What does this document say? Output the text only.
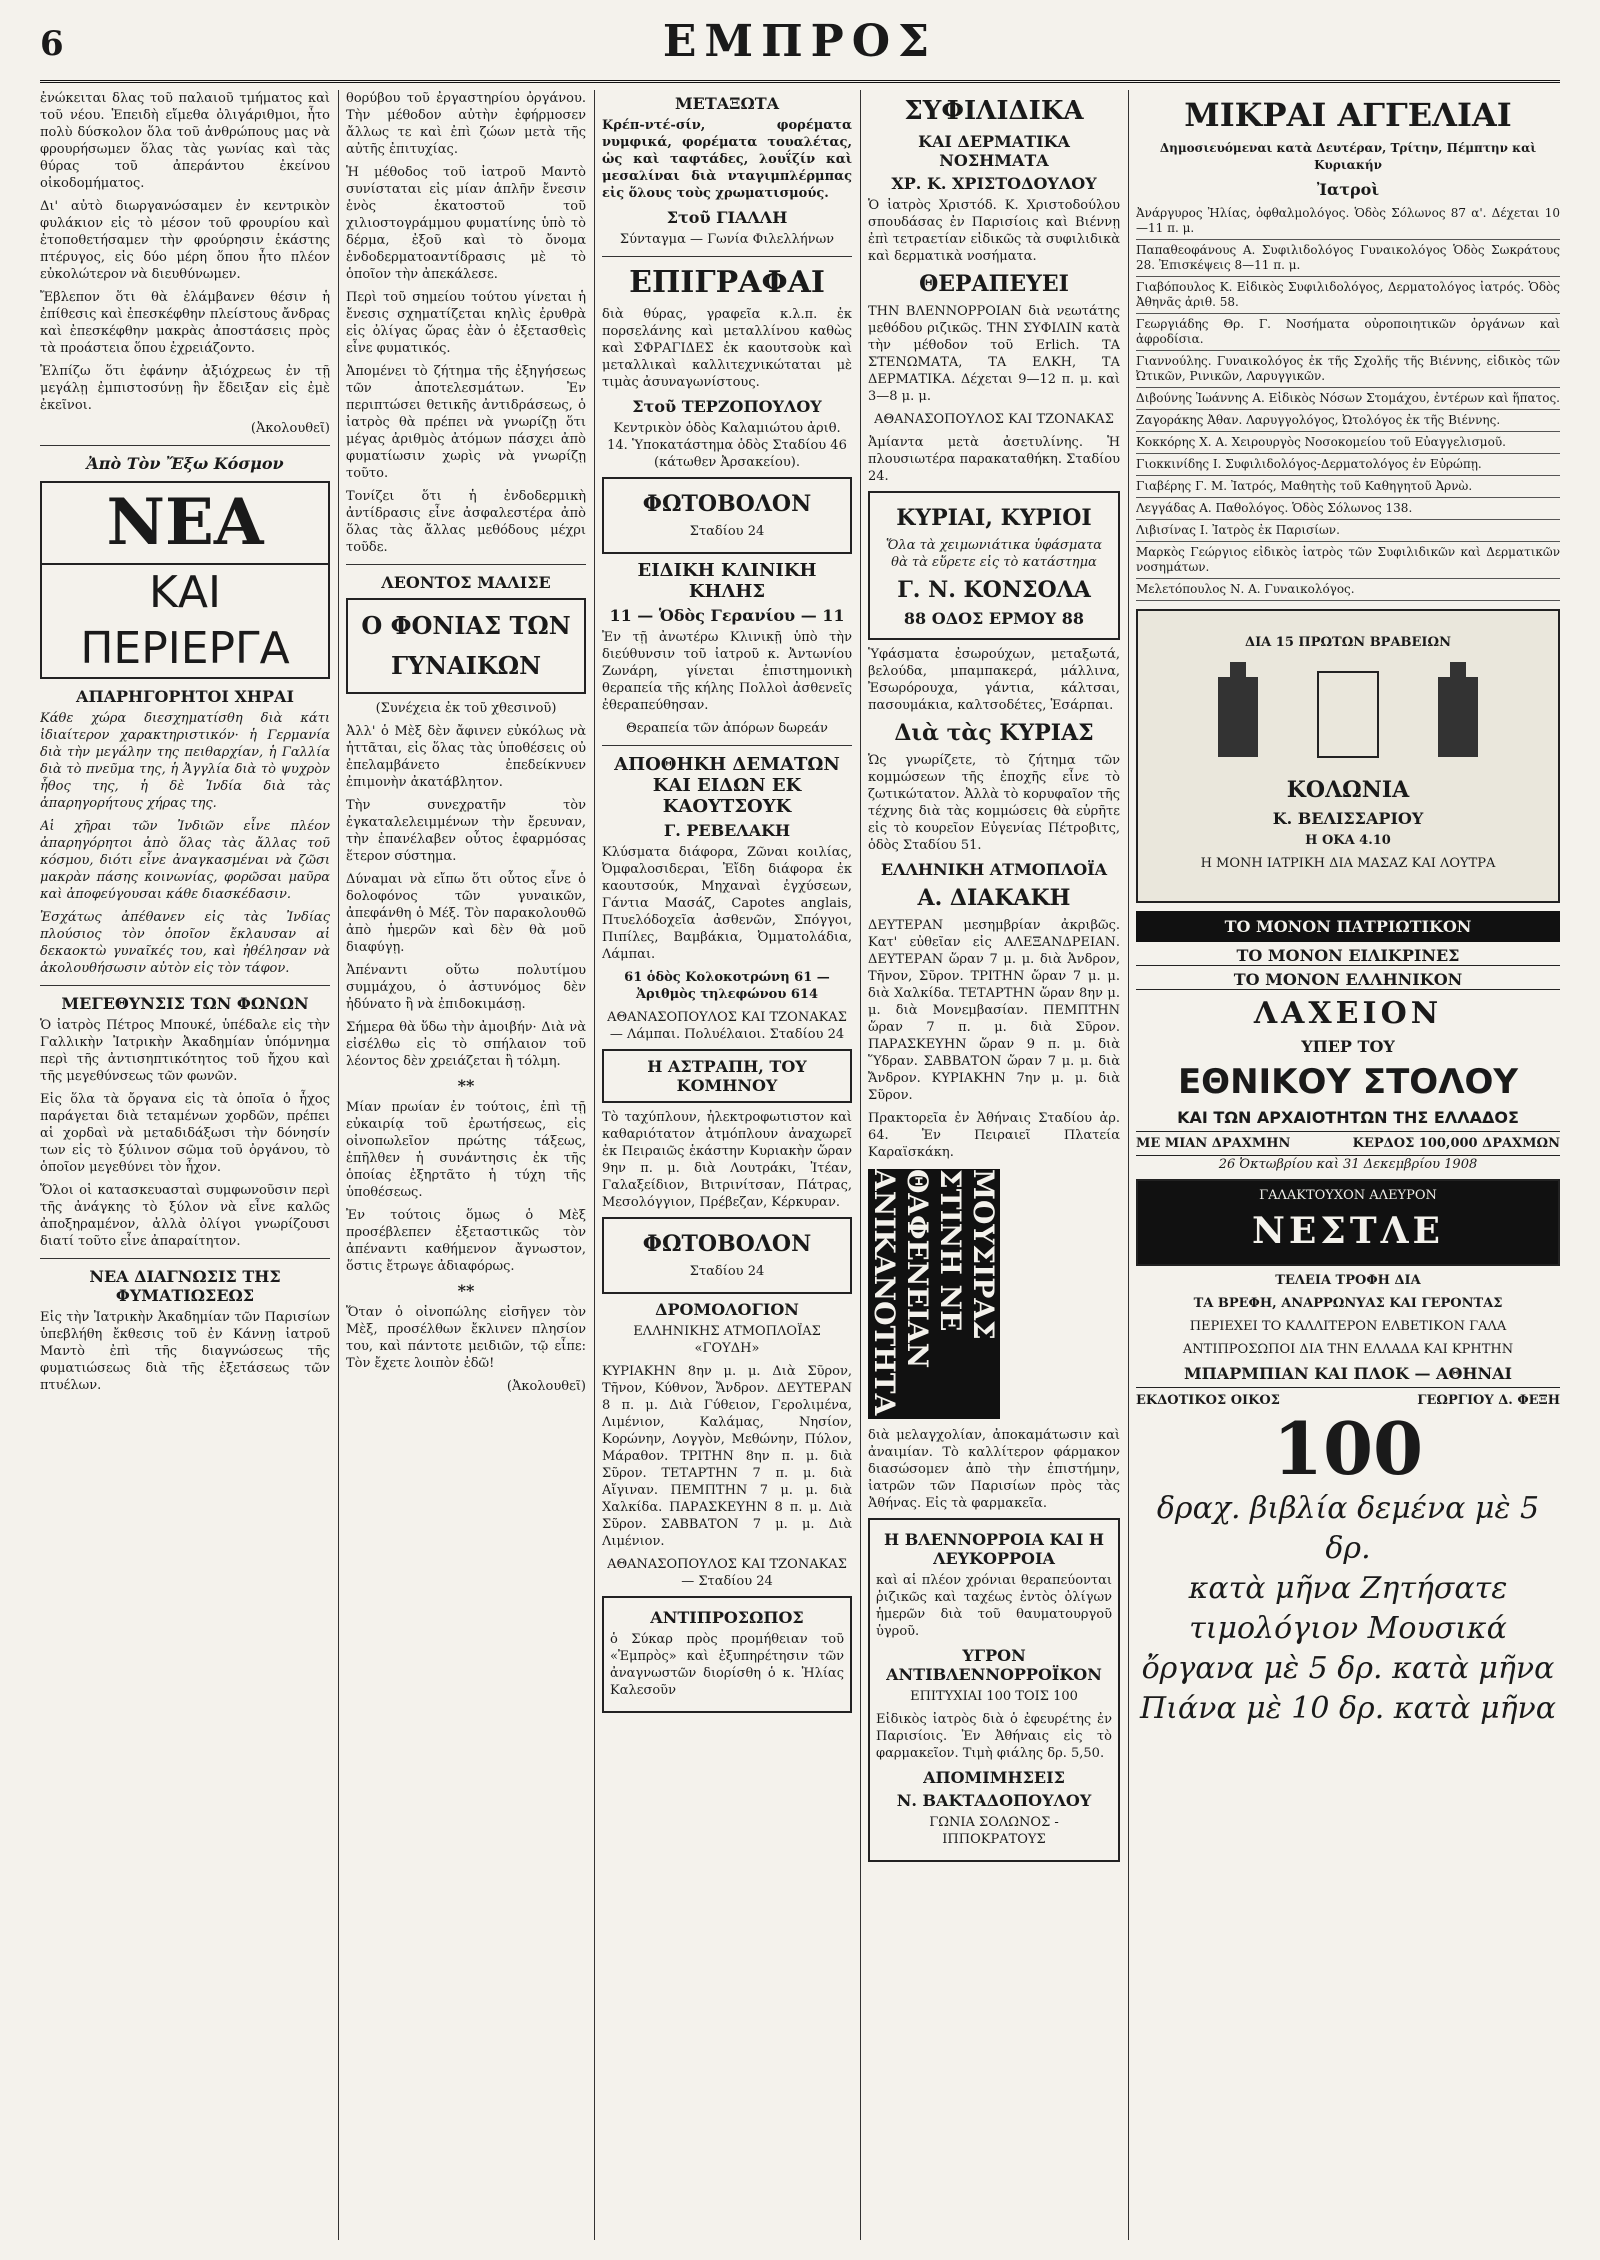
6	ΕΜΠΡΟΣ

ἐνώκειται δλας τοῦ παλαιοῦ τμήματος καὶ τοῦ νέου. Ἐπειδὴ εἴμεθα ὀλιγάριθμοι, ἦτο πολὺ δύσκολον ὅλα τοῦ ἀνθρώπους μας νὰ φρουρήσωμεν ὅλας τὰς γωνίας καὶ τὰς θύρας τοῦ ἀπεράντου ἐκείνου οἰκοδομήματος.

Δι' αὐτὸ διωργανώσαμεν ἐν κεντρικὸν φυλάκιον εἰς τὸ μέσον τοῦ φρουρίου καὶ ἐτοποθετήσαμεν τὴν φρούρησιν ἑκάστης πτέρυγος, εἰς δύο μέρη ὅπου ἦτο πλέον εὐκολώτερον νὰ διευθύνωμεν.

Ἔβλεπον ὅτι θὰ ἐλάμβανεν θέσιν ἡ ἐπίθεσις καὶ ἐπεσκέφθην πλείστους ἄνδρας καὶ ἐπεσκέφθην μακρὰς ἀποστάσεις πρὸς τὰ προάστεια ὅπου ἐχρειάζοντο.

Ἐλπίζω ὅτι ἐφάνην ἀξιόχρεως ἐν τῇ μεγάλῃ ἐμπιστοσύνῃ ἣν ἔδειξαν εἰς ἐμὲ ἐκεῖνοι.

(Ἀκολουθεῖ)

Ἀπὸ Τὸν Ἔξω Κόσμον
ΝΕΑ
ΚΑΙ ΠΕΡΙΕΡΓΑ
ΑΠΑΡΗΓΟΡΗΤΟΙ ΧΗΡΑΙ

Κάθε χώρα διεσχηματίσθη διὰ κάτι ἰδιαίτερον χαρακτηριστικόν· ἡ Γερμανία διὰ τὴν μεγάλην της πειθαρχίαν, ἡ Γαλλία διὰ τὸ πνεῦμα της, ἡ Ἀγγλία διὰ τὸ ψυχρὸν ἦθος της, ἡ δὲ Ἰνδία διὰ τὰς ἀπαρηγορήτους χήρας της.

Αἱ χῆραι τῶν Ἰνδιῶν εἶνε πλέον ἀπαρηγόρητοι ἀπὸ ὅλας τὰς ἄλλας τοῦ κόσμου, διότι εἶνε ἀναγκασμέναι νὰ ζῶσι μακρὰν πάσης κοινωνίας, φορῶσαι μαῦρα καὶ ἀποφεύγουσαι κάθε διασκέδασιν.

Ἐσχάτως ἀπέθανεν εἰς τὰς Ἰνδίας πλούσιος τὸν ὁποῖον ἔκλαυσαν αἱ δεκαοκτὼ γυναῖκές του, καὶ ἠθέλησαν νὰ ἀκολουθήσωσιν αὐτὸν εἰς τὸν τάφον.

ΜΕΓΕΘΥΝΣΙΣ ΤΩΝ ΦΩΝΩΝ

Ὁ ἰατρὸς Πέτρος Μπουκέ, ὑπέδαλε εἰς τὴν Γαλλικὴν Ἰατρικὴν Ἀκαδημίαν ὑπόμνημα περὶ τῆς ἀντισηπτικότητος τοῦ ἤχου καὶ τῆς μεγεθύνσεως τῶν φωνῶν.

Εἰς ὅλα τὰ ὄργανα εἰς τὰ ὁποῖα ὁ ἦχος παράγεται διὰ τεταμένων χορδῶν, πρέπει αἱ χορδαὶ νὰ μεταδιδάξωσι τὴν δόνησίν των εἰς τὸ ξύλινον σῶμα τοῦ ὀργάνου, τὸ ὁποῖον μεγεθύνει τὸν ἦχον.

Ὅλοι οἱ κατασκευασταὶ συμφωνοῦσιν περὶ τῆς ἀνάγκης τὸ ξύλον νὰ εἶνε καλῶς ἀποξηραμένον, ἀλλὰ ὀλίγοι γνωρίζουσι διατί τοῦτο εἶνε ἀπαραίτητον.

ΝΕΑ ΔΙΑΓΝΩΣΙΣ ΤΗΣ ΦΥΜΑΤΙΩΣΕΩΣ

Εἰς τὴν Ἰατρικὴν Ἀκαδημίαν τῶν Παρισίων ὑπεβλήθη ἔκθεσις τοῦ ἐν Κάννῃ ἰατροῦ Μαντὸ ἐπὶ τῆς διαγνώσεως τῆς φυματιώσεως διὰ τῆς ἐξετάσεως τῶν πτυέλων.

θορύβου τοῦ ἐργαστηρίου ὀργάνου. Τὴν μέθοδον αὐτὴν ἐφήρμοσεν ἄλλως τε καὶ ἐπὶ ζώων μετὰ τῆς αὐτῆς ἐπιτυχίας.

Ἡ μέθοδος τοῦ ἰατροῦ Μαντὸ συνίσταται εἰς μίαν ἁπλῆν ἔνεσιν ἑνὸς ἑκατοστοῦ τοῦ χιλιοστογράμμου φυματίνης ὑπὸ τὸ δέρμα, ἐξοῦ καὶ τὸ ὄνομα ἐνδοδερματοαντίδρασις μὲ τὸ ὁποῖον τὴν ἀπεκάλεσε.

Περὶ τοῦ σημείου τούτου γίνεται ἡ ἔνεσις σχηματίζεται κηλὶς ἐρυθρὰ εἰς ὀλίγας ὥρας ἐὰν ὁ ἐξετασθεὶς εἶνε φυματικός.

Ἀπομένει τὸ ζήτημα τῆς ἐξηγήσεως τῶν ἀποτελεσμάτων. Ἐν περιπτώσει θετικῆς ἀντιδράσεως, ὁ ἰατρὸς θὰ πρέπει νὰ γνωρίζῃ ὅτι μέγας ἀριθμὸς ἀτόμων πάσχει ἀπὸ φυματίωσιν χωρὶς νὰ γνωρίζῃ τοῦτο.

Τονίζει ὅτι ἡ ἐνδοδερμικὴ ἀντίδρασις εἶνε ἀσφαλεστέρα ἀπὸ ὅλας τὰς ἄλλας μεθόδους μέχρι τοῦδε.

ΛΕΟΝΤΟΣ ΜΑΛΙΣΕ
Ο ΦΟΝΙΑΣ ΤΩΝ ΓΥΝΑΙΚΩΝ

(Συνέχεια ἐκ τοῦ χθεσινοῦ)

Ἀλλ' ὁ Μὲξ δὲν ἄφινεν εὐκόλως νὰ ἡττᾶται, εἰς ὅλας τὰς ὑποθέσεις οὐ ἐπελαμβάνετο ἐπεδείκνυεν ἐπιμονὴν ἀκατάβλητον.

Τὴν συνεχρατῆν τὸν ἐγκαταλελειμμένων τὴν ἔρευναν, τὴν ἐπανέλαβεν οὗτος ἐφαρμόσας ἕτερον σύστημα.

Δύναμαι νὰ εἴπω ὅτι οὗτος εἶνε ὁ δολοφόνος τῶν γυναικῶν, ἀπεφάνθη ὁ Μέξ. Τὸν παρακολουθῶ ἀπὸ ἡμερῶν καὶ δὲν θὰ μοῦ διαφύγῃ.

Ἀπέναντι οὕτω πολυτίμου συμμάχου, ὁ ἀστυνόμος δὲν ἠδύνατο ἢ νὰ ἐπιδοκιμάσῃ.

Σήμερα θὰ ὕδω τὴν ἀμοιβήν· Διὰ νὰ εἰσέλθω εἰς τὸ σπήλαιον τοῦ λέοντος δὲν χρειάζεται ἢ τόλμη.

**

Μίαν πρωίαν ἐν τούτοις, ἐπὶ τῇ εὐκαιρίᾳ τοῦ ἐρωτήσεως, εἰς οἰνοπωλεῖον πρώτης τάξεως, ἐπῆλθεν ἡ συνάντησις ἐκ τῆς ὁποίας ἐξηρτᾶτο ἡ τύχη τῆς ὑποθέσεως.

Ἐν τούτοις ὅμως ὁ Μὲξ προσέβλεπεν ἐξεταστικῶς τὸν ἀπέναντι καθήμενον ἄγνωστον, ὅστις ἔτρωγε ἀδιαφόρως.

**

Ὅταν ὁ οἰνοπώλης εἰσῆγεν τὸν Μὲξ, προσέλθων ἔκλινεν πλησίον του, καὶ πάντοτε μειδιῶν, τῷ εἶπε: Τὸν ἔχετε λοιπὸν ἐδῶ!

(Ἀκολουθεῖ)

ΜΕΤΑΞΩΤΑ

Κρέπ-ντέ-σίν, φορέματα νυμφικά, φορέματα τουαλέτας, ὡς καὶ ταφτάδες, λουΐζίν καὶ μεσαλίναι διὰ νταγιμπλέρμπας εἰς ὅλους τοὺς χρωματισμούς.

Στοῦ ΓΙΑΛΛΗ

Σύνταγμα — Γωνία Φιλελλήνων

ΕΠΙΓΡΑΦΑΙ

διὰ θύρας, γραφεῖα κ.λ.π. ἐκ πορσελάνης καὶ μεταλλίνου καθὼς καὶ ΣΦΡΑΓΙΔΕΣ ἐκ καουτσοὺκ καὶ μεταλλικαὶ καλλιτεχνικώταται μὲ τιμὰς ἀσυναγωνίστους.

Στοῦ ΤΕΡΖΟΠΟΥΛΟΥ

Κεντρικὸν ὁδὸς Καλαμιώτου ἀριθ. 14. Ὑποκατάστημα ὁδὸς Σταδίου 46 (κάτωθεν Ἀρσακείου).

ΦΩΤΟΒΟΛΟΝ
Σταδίου 24
ΕΙΔΙΚΗ ΚΛΙΝΙΚΗ ΚΗΛΗΣ
11 — Ὁδὸς Γερανίου — 11

Ἐν τῇ ἀνωτέρω Κλινικῇ ὑπὸ τὴν διεύθυνσιν τοῦ ἰατροῦ κ. Ἀντωνίου Ζωνάρη, γίνεται ἐπιστημονικὴ θεραπεία τῆς κήλης Πολλοὶ ἀσθενεῖς ἐθεραπεύθησαν.

Θεραπεία τῶν ἀπόρων δωρεάν

ΑΠΟΘΗΚΗ ΔΕΜΑΤΩΝ ΚΑΙ ΕΙΔΩΝ ΕΚ ΚΑΟΥΤΣΟΥΚ
Γ. ΡΕΒΕΛΑΚΗ

Κλύσματα διάφορα, Ζῶναι κοιλίας, Ὀμφαλοσιδεραι, Ἐἴδη διάφορα ἐκ καουτσούκ, Μηχαναὶ ἐγχύσεων, Γάντια Μασάζ, Capotes anglais, Πτυελόδοχεῖα ἀσθενῶν, Σπόγγοι, Πιπίλες, Βαμβάκια, Ὀμματολάδια, Λάμπαι.

61 ὁδὸς Κολοκοτρώνη 61 — Ἀριθμὸς τηλεφώνου 614

ΑΘΑΝΑΣΟΠΟΥΛΟΣ ΚΑΙ ΤΖΟΝΑΚΑΣ — Λάμπαι. Πολυέλαιοι. Σταδίου 24

Η ΑΣΤΡΑΠΗ, ΤΟΥ ΚΟΜΗΝΟΥ

Τὸ ταχύπλουν, ἠλεκτροφωτιστον καὶ καθαριότατον ἀτμόπλουν ἀναχωρεῖ ἐκ Πειραιῶς ἑκάστην Κυριακὴν ὥραν 9ην π. μ. διὰ Λουτράκι, Ἰτέαν, Γαλαξείδιον, Βιτρινίτσαν, Πάτρας, Μεσολόγγιον, Πρέβεζαν, Κέρκυραν.

ΦΩΤΟΒΟΛΟΝ
Σταδίου 24
ΔΡΟΜΟΛΟΓΙΟΝ
ΕΛΛΗΝΙΚΗΣ ΑΤΜΟΠΛΟΪΑΣ «ΓΟΥΔΗ»

ΚΥΡΙΑΚΗΝ 8ην μ. μ. Διὰ Σῦρον, Τῆνον, Κύθνον, Ἄνδρον. ΔΕΥΤΕΡΑΝ 8 π. μ. Διὰ Γύθειον, Γερολιμένα, Λιμένιον, Καλάμας, Νησίον, Κορώνην, Λογγὸν, Μεθώνην, Πύλον, Μάραθον. ΤΡΙΤΗΝ 8ην π. μ. διὰ Σῦρον. ΤΕΤΑΡΤΗΝ 7 π. μ. διὰ Αἴγιναν. ΠΕΜΠΤΗΝ 7 μ. μ. διὰ Χαλκίδα. ΠΑΡΑΣΚΕΥΗΝ 8 π. μ. Διὰ Σῦρον. ΣΑΒΒΑΤΟΝ 7 μ. μ. Διὰ Λιμένιον.

ΑΘΑΝΑΣΟΠΟΥΛΟΣ ΚΑΙ ΤΖΟΝΑΚΑΣ — Σταδίου 24

ΑΝΤΙΠΡΟΣΩΠΟΣ
ὁ Σύκαρ πρὸς προμήθειαν τοῦ «Ἐμπρὸς» καὶ ἐξυπηρέτησιν τῶν ἀναγνωστῶν διορίσθη ὁ κ. Ἠλίας Καλεσοῦν
ΣΥΦΙΛΙΔΙΚΑ
ΚΑΙ ΔΕΡΜΑΤΙΚΑ ΝΟΣΗΜΑΤΑ
ΧΡ. Κ. ΧΡΙΣΤΟΔΟΥΛΟΥ

Ὁ ἰατρὸς Χριστόδ. Κ. Χριστοδούλου σπουδάσας ἐν Παρισίοις καὶ Βιέννῃ ἐπὶ τετραετίαν εἰδικῶς τὰ συφιλιδικὰ καὶ δερματικὰ νοσήματα.

ΘΕΡΑΠΕΥΕΙ

ΤΗΝ ΒΛΕΝΝΟΡΡΟΙΑΝ διὰ νεωτάτης μεθόδου ριζικῶς. ΤΗΝ ΣΥΦΙΛΙΝ κατὰ τὴν μέθοδον τοῦ Erlich. ΤΑ ΣΤΕΝΩΜΑΤΑ, ΤΑ ΕΛΚΗ, ΤΑ ΔΕΡΜΑΤΙΚΑ. Δέχεται 9—12 π. μ. καὶ 3—8 μ. μ.

ΑΘΑΝΑΣΟΠΟΥΛΟΣ ΚΑΙ ΤΖΟΝΑΚΑΣ

Ἀμίαντα μετὰ ἀσετυλίνης. Ἡ πλουσιωτέρα παρακαταθήκη. Σταδίου 24.

ΚΥΡΙΑΙ, ΚΥΡΙΟΙ
Ὅλα τὰ χειμωνιάτικα ὑφάσματα θὰ τὰ εὕρετε εἰς τὸ κατάστημα
Γ. Ν. ΚΟΝΣΟΛΑ
88 ΟΔΟΣ ΕΡΜΟΥ 88

Ὑφάσματα ἐσωρούχων, μεταξωτά, βελούδα, μπαμπακερά, μάλλινα, Ἐσωρόρουχα, γάντια, κάλτσαι, πασουμάκια, καλτσοδέτες, Ἑσάρπαι.

Διὰ τὰς ΚΥΡΙΑΣ

Ὡς γνωρίζετε, τὸ ζήτημα τῶν κομμώσεων τῆς ἐποχῆς εἶνε τὸ ζωτικώτατον. Ἀλλὰ τὸ κορυφαῖον τῆς τέχνης διὰ τὰς κομμώσεις θὰ εὑρῆτε εἰς τὸ κουρεῖον Εὐγενίας Πέτροβιτς, ὁδὸς Σταδίου 51.

ΕΛΛΗΝΙΚΗ ΑΤΜΟΠΛΟΪΑ
Α. ΔΙΑΚΑΚΗ

ΔΕΥΤΕΡΑΝ μεσημβρίαν ἀκριβῶς. Κατ' εὐθεῖαν εἰς ΑΛΕΞΑΝΔΡΕΙΑΝ. ΔΕΥΤΕΡΑΝ ὥραν 7 μ. μ. διὰ Ἀνδρον, Τῆνον, Σῦρον. ΤΡΙΤΗΝ ὥραν 7 μ. μ. διὰ Χαλκίδα. ΤΕΤΑΡΤΗΝ ὥραν 8ην μ. μ. διὰ Μονεμβασίαν. ΠΕΜΠΤΗΝ ὥραν 7 π. μ. διὰ Σῦρον. ΠΑΡΑΣΚΕΥΗΝ ὥραν 9 π. μ. διὰ Ὕδραν. ΣΑΒΒΑΤΟΝ ὥραν 7 μ. μ. διὰ Ἄνδρον. ΚΥΡΙΑΚΗΝ 7ην μ. μ. διὰ Σῦρον.

Πρακτορεῖα ἐν Ἀθήναις Σταδίου ἀρ. 64. Ἐν Πειραιεῖ Πλατεία Καραϊσκάκη.

ΜΟΥΣΙΡΑΣ ΣΤΙΝΗ ΝΕ ΘΑΦΕΝΕΙΑΝ ΑΝΙΚΑΝΟΤΗΤΑ

διὰ μελαγχολίαν, ἀποκαμάτωσιν καὶ ἀναιμίαν. Τὸ καλλίτερον φάρμακον διασώσομεν ἀπὸ τὴν ἐπιστήμην, ἰατρῶν τῶν Παρισίων πρὸς τὰς Ἀθήνας. Εἰς τὰ φαρμακεῖα.

Η ΒΛΕΝΝΟΡΡΟΙΑ ΚΑΙ Η ΛΕΥΚΟΡΡΟΙΑ
καὶ αἱ πλέον χρόνιαι θεραπεύονται ῥιζικῶς καὶ ταχέως ἐντὸς ὀλίγων ἡμερῶν διὰ τοῦ θαυματουργοῦ ὑγροῦ.
ΥΓΡΟΝ ΑΝΤΙΒΛΕΝΝΟΡΡΟΪΚΟΝ
ΕΠΙΤΥΧΙΑΙ 100 ΤΟΙΣ 100
Εἰδικὸς ἰατρὸς διὰ ὁ ἐφευρέτης ἐν Παρισίοις. Ἐν Ἀθήναις εἰς τὸ φαρμακεῖον. Τιμὴ φιάλης δρ. 5,50.
ΑΠΟΜΙΜΗΣΕΙΣ
Ν. ΒΑΚΤΑΔΟΠΟΥΛΟΥ
ΓΩΝΙΑ ΣΟΛΩΝΟΣ - ΙΠΠΟΚΡΑΤΟΥΣ
ΜΙΚΡΑΙ ΑΓΓΕΛΙΑΙ
Δημοσιευόμεναι κατὰ Δευτέραν, Τρίτην, Πέμπτην καὶ Κυριακήν
Ἰατροὶ
Ἀνάργυρος Ἠλίας, ὀφθαλμολόγος. Ὁδὸς Σόλωνος 87 α'. Δέχεται 10—11 π. μ.
Παπαθεοφάνους Α. Συφιλιδολόγος Γυναικολόγος Ὁδὸς Σωκράτους 28. Ἐπισκέψεις 8—11 π. μ.
Γιαβόπουλος Κ. Εἰδικὸς Συφιλιδολόγος, Δερματολόγος ἰατρός. Ὁδὸς Ἀθηνᾶς ἀριθ. 58.
Γεωργιάδης Θρ. Γ. Νοσήματα οὐροποιητικῶν ὀργάνων καὶ ἀφροδίσια.
Γιαννούλης. Γυναικολόγος ἐκ τῆς Σχολῆς τῆς Βιέννης, εἰδικὸς τῶν Ὠτικῶν, Ρινικῶν, Λαρυγγικῶν.
Διβούνης Ἰωάννης Α. Εἰδικὸς Νόσων Στομάχου, ἐντέρων καὶ ἥπατος.
Ζαγοράκης Ἀθαν. Λαρυγγολόγος, Ὠτολόγος ἐκ τῆς Βιέννης.
Κοκκόρης Χ. Α. Χειρουργὸς Νοσοκομείου τοῦ Εὐαγγελισμοῦ.
Γιοκκινίδης Ι. Συφιλιδολόγος-Δερματολόγος ἐν Εὐρώπῃ.
Γιαβέρης Γ. Μ. Ἰατρός, Μαθητὴς τοῦ Καθηγητοῦ Ἀρνὼ.
Λεγγάδας Α. Παθολόγος. Ὁδὸς Σόλωνος 138.
Λιβισίνας Ι. Ἰατρὸς ἐκ Παρισίων.
Μαρκὸς Γεώργιος εἰδικὸς ἰατρὸς τῶν Συφιλιδικῶν καὶ Δερματικῶν νοσημάτων.
Μελετόπουλος Ν. Α. Γυναικολόγος.
ΔΙΑ 15 ΠΡΩΤΩΝ ΒΡΑΒΕΙΩΝ
ΚΟΛΩΝΙΑ
Κ. ΒΕΛΙΣΣΑΡΙΟΥ
Η ΟΚΑ 4.10
Η ΜΟΝΗ ΙΑΤΡΙΚΗ ΔΙΑ ΜΑΣΑΖ ΚΑΙ ΛΟΥΤΡΑ
ΤΟ ΜΟΝΟΝ ΠΑΤΡΙΩΤΙΚΟΝ
ΤΟ ΜΟΝΟΝ ΕΙΛΙΚΡΙΝΕΣ
ΤΟ ΜΟΝΟΝ ΕΛΛΗΝΙΚΟΝ
ΛΑΧΕΙΟΝ
ΥΠΕΡ ΤΟΥ
ΕΘΝΙΚΟΥ ΣΤΟΛΟΥ
ΚΑΙ ΤΩΝ ΑΡΧΑΙΟΤΗΤΩΝ ΤΗΣ ΕΛΛΑΔΟΣ
ΜΕ ΜΙΑΝ ΔΡΑΧΜΗΝ	ΚΕΡΔΟΣ 100,000 ΔΡΑΧΜΩΝ
26 Ὀκτωβρίου καὶ 31 Δεκεμβρίου 1908
ΓΑΛΑΚΤΟΥΧΟΝ ΑΛΕΥΡΟΝ
ΝΕΣΤΛΕ
ΤΕΛΕΙΑ ΤΡΟΦΗ ΔΙΑ
ΤΑ ΒΡΕΦΗ, ΑΝΑΡΡΩΝΥΑΣ ΚΑΙ ΓΕΡΟΝΤΑΣ
ΠΕΡΙΕΧΕΙ ΤΟ ΚΑΛΛΙΤΕΡΟΝ ΕΛΒΕΤΙΚΟΝ ΓΑΛΑ
ΑΝΤΙΠΡΟΣΩΠΟΙ ΔΙΑ ΤΗΝ ΕΛΛΑΔΑ ΚΑΙ ΚΡΗΤΗΝ
ΜΠΑΡΜΠΙΑΝ ΚΑΙ ΠΛΟΚ — ΑΘΗΝΑΙ
ΕΚΔΟΤΙΚΟΣ ΟΙΚΟΣ	ΓΕΩΡΓΙΟΥ Δ. ΦΕΞΗ
100
δραχ. βιβλία δεμένα μὲ 5 δρ.
κατὰ μῆνα Ζητήσατε τιμολόγιον Μουσικά
ὄργανα μὲ 5 δρ. κατὰ μῆνα Πιάνα μὲ 10 δρ. κατὰ μῆνα
